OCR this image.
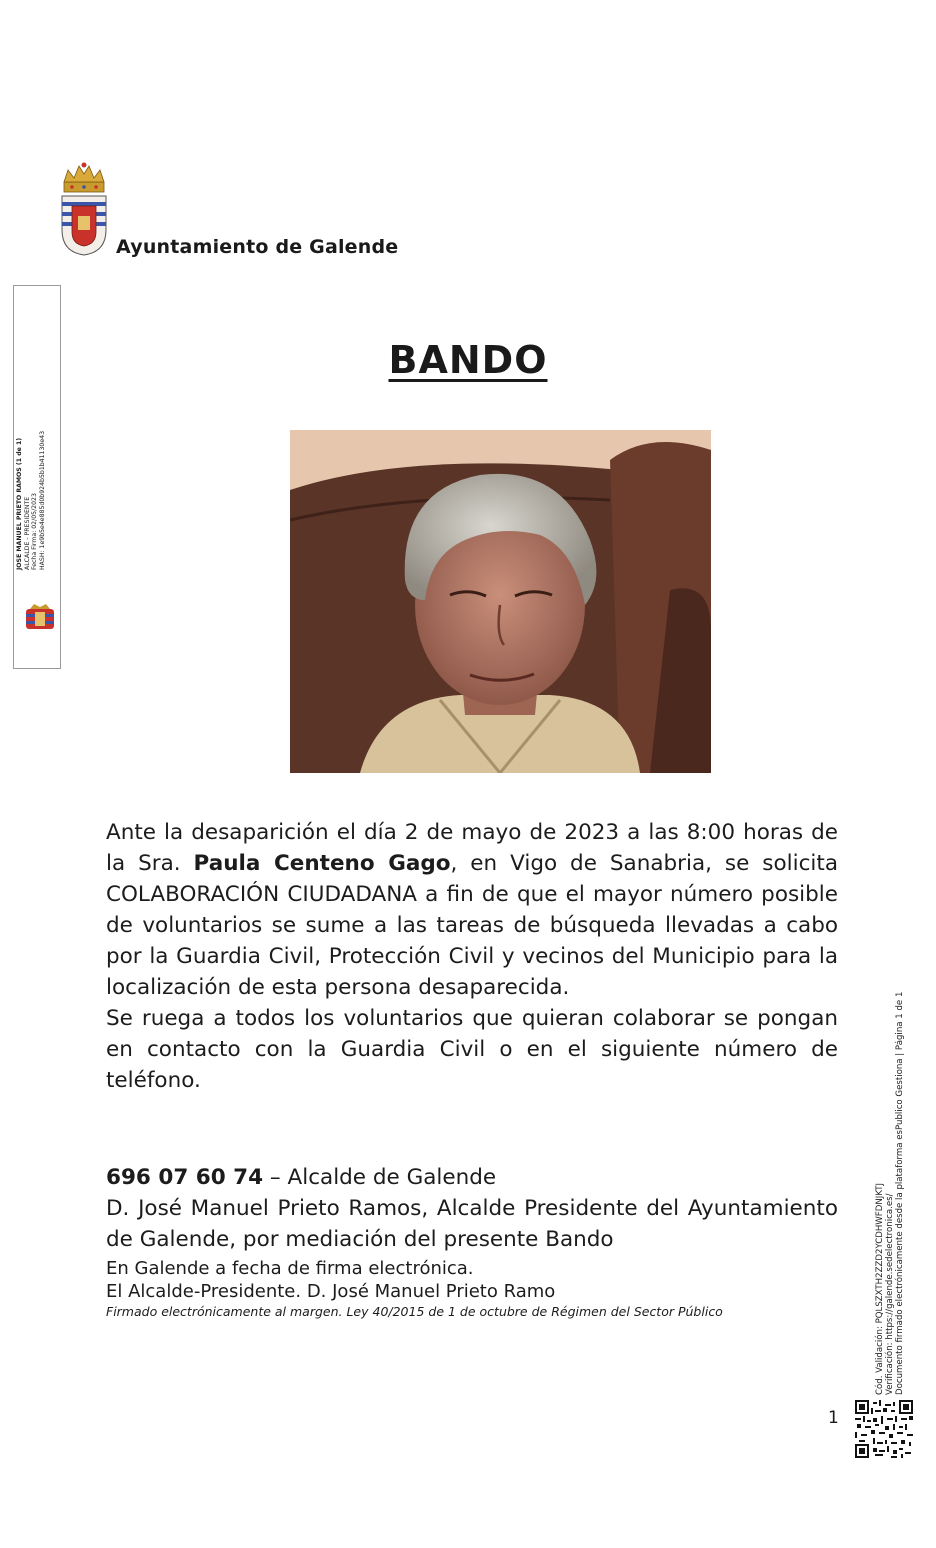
Ayuntamiento de Galende
JOSE MANUEL PRIETO RAMOS (1 de 1) ALCALDE - PRESIDENTE Fecha Firma: 02/05/2023 HASH: 1e9b5e4e885d0b924b5b1b41130e43
BANDO

Ante la desaparición el día 2 de mayo de 2023 a las 8:00 horas de la Sra. Paula Centeno Gago, en Vigo de Sanabria, se solicita COLABORACIÓN CIUDADANA a fin de que el mayor número posible de voluntarios se sume a las tareas de búsqueda llevadas a cabo por la Guardia Civil, Protección Civil y vecinos del Municipio para la localización de esta persona desaparecida.

Se ruega a todos los voluntarios que quieran colaborar se pongan en contacto con la Guardia Civil o en el siguiente número de teléfono.

696 07 60 74 – Alcalde de Galende

D. José Manuel Prieto Ramos, Alcalde Presidente del Ayuntamiento de Galende, por mediación del presente Bando

En Galende a fecha de firma electrónica.
El Alcalde-Presidente. D. José Manuel Prieto Ramo
Firmado electrónicamente al margen. Ley 40/2015 de 1 de octubre de Régimen del Sector Público	Cód. Validación: PQLSZXTH2ZZD2YCDHWFDNJKTJ Verificación: https://galende.sedelectronica.es/ Documento firmado electrónicamente desde la plataforma esPublico Gestiona | Página 1 de 1
1
